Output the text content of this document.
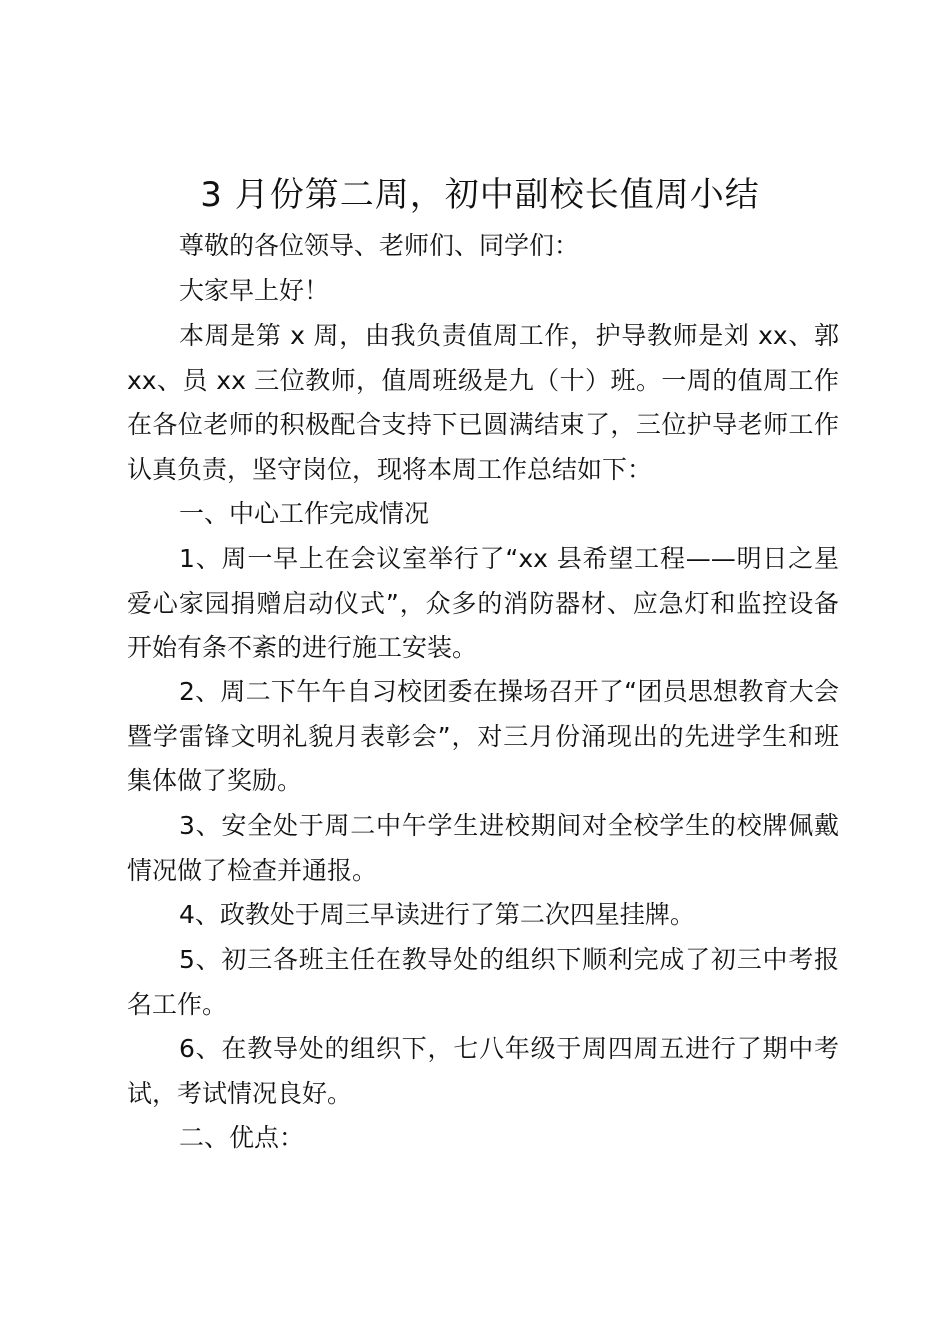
3 月份第二周，初中副校长值周小结
尊敬的各位领导、老师们、同学们：
大家早上好！
本周是第 x 周，由我负责值周工作，护导教师是刘 xx、郭 xx、员 xx 三位教师，值周班级是九（十）班。一周的值周工作在各位老师的积极配合支持下已圆满结束了，三位护导老师工作认真负责，坚守岗位，现将本周工作总结如下：
一、中心工作完成情况
1、周一早上在会议室举行了“xx 县希望工程——明日之星爱心家园捐赠启动仪式”，众多的消防器材、应急灯和监控设备开始有条不紊的进行施工安装。
2、周二下午午自习校团委在操场召开了“团员思想教育大会暨学雷锋文明礼貌月表彰会”，对三月份涌现出的先进学生和班集体做了奖励。
3、安全处于周二中午学生进校期间对全校学生的校牌佩戴情况做了检查并通报。
4、政教处于周三早读进行了第二次四星挂牌。
5、初三各班主任在教导处的组织下顺利完成了初三中考报名工作。
6、在教导处的组织下，七八年级于周四周五进行了期中考试，考试情况良好。
二、优点：
